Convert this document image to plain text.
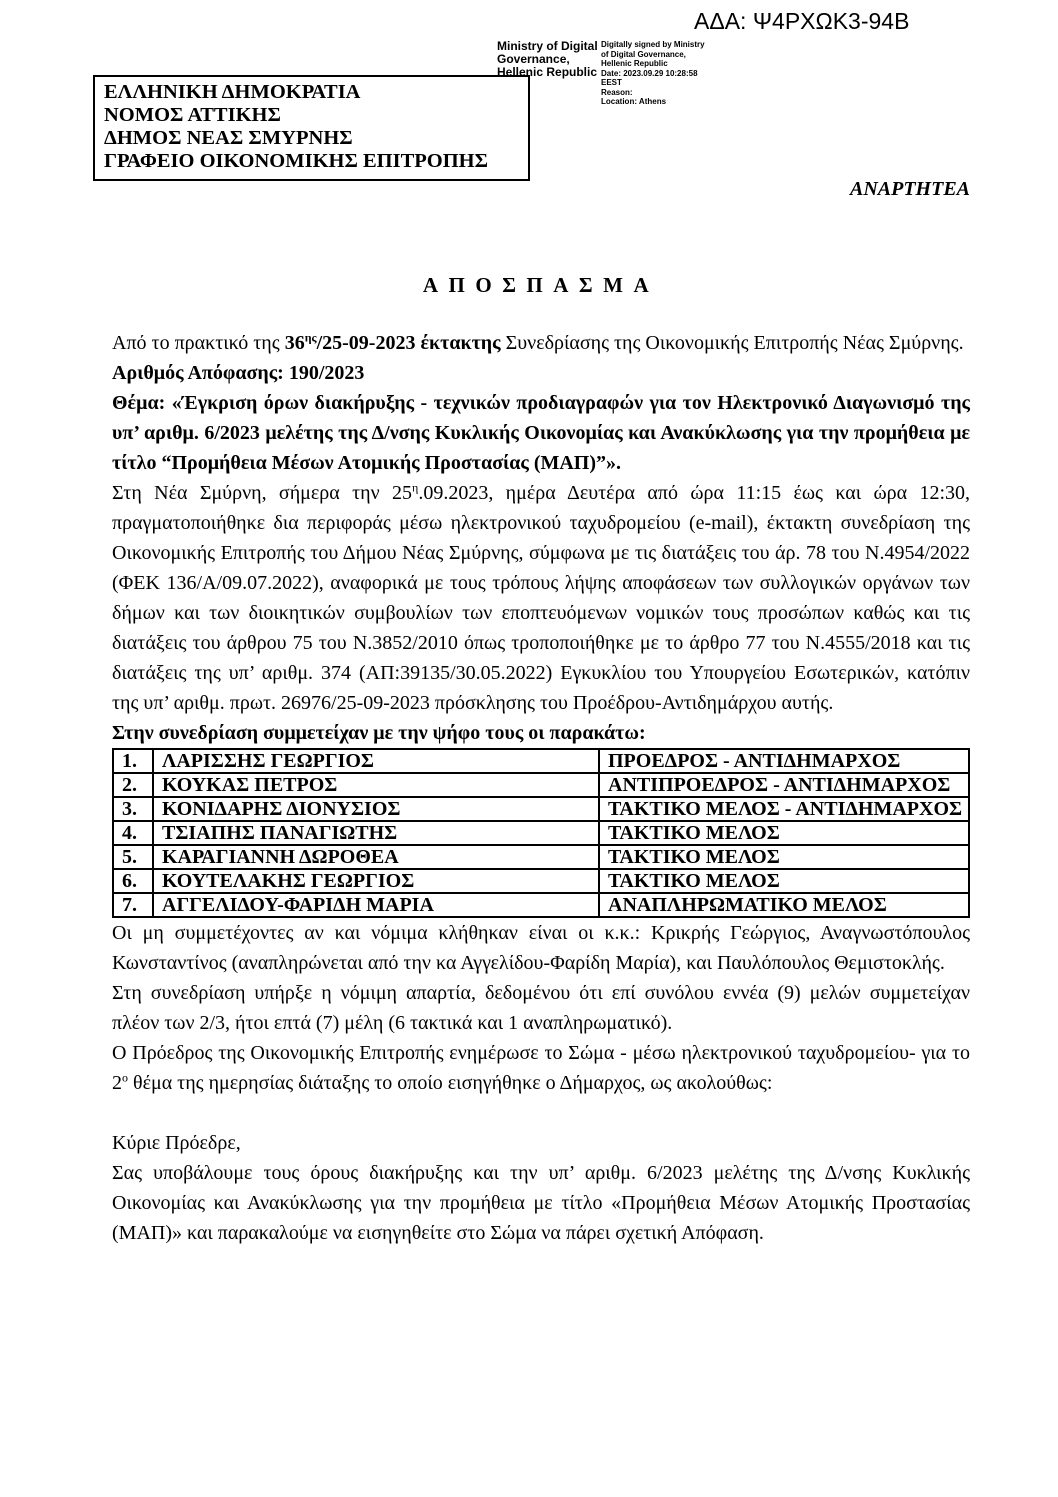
ΑΔΑ: Ψ4ΡΧΩΚ3-94Β
Ministry of Digital
Governance,
Hellenic Republic
Digitally signed by Ministry
of Digital Governance,
Hellenic Republic
Date: 2023.09.29 10:28:58
EEST
Reason:
Location: Athens
ΕΛΛΗΝΙΚΗ ΔΗΜΟΚΡΑΤΙΑ
ΝΟΜΟΣ ΑΤΤΙΚΗΣ
ΔΗΜΟΣ ΝΕΑΣ ΣΜΥΡΝΗΣ
ΓΡΑΦΕΙΟ ΟΙΚΟΝΟΜΙΚΗΣ ΕΠΙΤΡΟΠΗΣ
ΑΝΑΡΤΗΤΕΑ
ΑΠΟΣΠΑΣΜΑ

Από το πρακτικό της $36^{\eta\varsigma}/25-09-2023$ έκτακτης Συνεδρίασης της Οικονομικής Επιτροπής Νέας Σμύρνης.

Αριθμός Απόφασης: 190/2023

Θέμα: «Έγκριση όρων διακήρυξης - τεχνικών προδιαγραφών για τον Ηλεκτρονικό Διαγωνισμό της υπ’ αριθμ. 6/2023 μελέτης της Δ/νσης Κυκλικής Οικονομίας και Ανακύκλωσης για την προμήθεια με τίτλο “Προμήθεια Μέσων Ατομικής Προστασίας (ΜΑΠ)”».

Στη Νέα Σμύρνη, σήμερα την $25^\eta.09.2023$, ημέρα Δευτέρα από ώρα 11:15 έως και ώρα 12:30, πραγματοποιήθηκε δια περιφοράς μέσω ηλεκτρονικού ταχυδρομείου (e-mail), έκτακτη συνεδρίαση της Οικονομικής Επιτροπής του Δήμου Νέας Σμύρνης, σύμφωνα με τις διατάξεις του άρ. 78 του Ν.4954/2022 (ΦΕΚ 136/Α/09.07.2022), αναφορικά με τους τρόπους λήψης αποφάσεων των συλλογικών οργάνων των δήμων και των διοικητικών συμβουλίων των εποπτευόμενων νομικών τους προσώπων καθώς και τις διατάξεις του άρθρου 75 του Ν.3852/2010 όπως τροποποιήθηκε με το άρθρο 77 του Ν.4555/2018 και τις διατάξεις της υπ’ αριθμ. 374 (ΑΠ:39135/30.05.2022) Εγκυκλίου του Υπουργείου Εσωτερικών, κατόπιν της υπ’ αριθμ. πρωτ. 26976/25-09-2023 πρόσκλησης του Προέδρου-Αντιδημάρχου αυτής.

Στην συνεδρίαση συμμετείχαν με την ψήφο τους οι παρακάτω:

1.	ΛΑΡΙΣΣΗΣ ΓΕΩΡΓΙΟΣ	ΠΡΟΕΔΡΟΣ - ΑΝΤΙΔΗΜΑΡΧΟΣ
2.	ΚΟΥΚΑΣ ΠΕΤΡΟΣ	ΑΝΤΙΠΡΟΕΔΡΟΣ - ΑΝΤΙΔΗΜΑΡΧΟΣ
3.	ΚΟΝΙΔΑΡΗΣ ΔΙΟΝΥΣΙΟΣ	ΤΑΚΤΙΚΟ ΜΕΛΟΣ - ΑΝΤΙΔΗΜΑΡΧΟΣ
4.	ΤΣΙΑΠΗΣ ΠΑΝΑΓΙΩΤΗΣ	ΤΑΚΤΙΚΟ ΜΕΛΟΣ
5.	ΚΑΡΑΓΙΑΝΝΗ ΔΩΡΟΘΕΑ	ΤΑΚΤΙΚΟ ΜΕΛΟΣ
6.	ΚΟΥΤΕΛΑΚΗΣ ΓΕΩΡΓΙΟΣ	ΤΑΚΤΙΚΟ ΜΕΛΟΣ
7.	ΑΓΓΕΛΙΔΟΥ-ΦΑΡΙΔΗ ΜΑΡΙΑ	ΑΝΑΠΛΗΡΩΜΑΤΙΚΟ ΜΕΛΟΣ

Οι μη συμμετέχοντες αν και νόμιμα κλήθηκαν είναι οι κ.κ.: Κρικρής Γεώργιος, Αναγνωστόπουλος Κωνσταντίνος (αναπληρώνεται από την κα Αγγελίδου-Φαρίδη Μαρία), και Παυλόπουλος Θεμιστοκλής.

Στη συνεδρίαση υπήρξε η νόμιμη απαρτία, δεδομένου ότι επί συνόλου εννέα (9) μελών συμμετείχαν πλέον των 2/3, ήτοι επτά (7) μέλη (6 τακτικά και 1 αναπληρωματικό).

Ο Πρόεδρος της Οικονομικής Επιτροπής ενημέρωσε το Σώμα - μέσω ηλεκτρονικού ταχυδρομείου- για το $2^o$ θέμα της ημερησίας διάταξης το οποίο εισηγήθηκε ο Δήμαρχος, ως ακολούθως:

Κύριε Πρόεδρε,

Σας υποβάλουμε τους όρους διακήρυξης και την υπ’ αριθμ. 6/2023 μελέτης της Δ/νσης Κυκλικής Οικονομίας και Ανακύκλωσης για την προμήθεια με τίτλο «Προμήθεια Μέσων Ατομικής Προστασίας (ΜΑΠ)» και παρακαλούμε να εισηγηθείτε στο Σώμα να πάρει σχετική Απόφαση.
